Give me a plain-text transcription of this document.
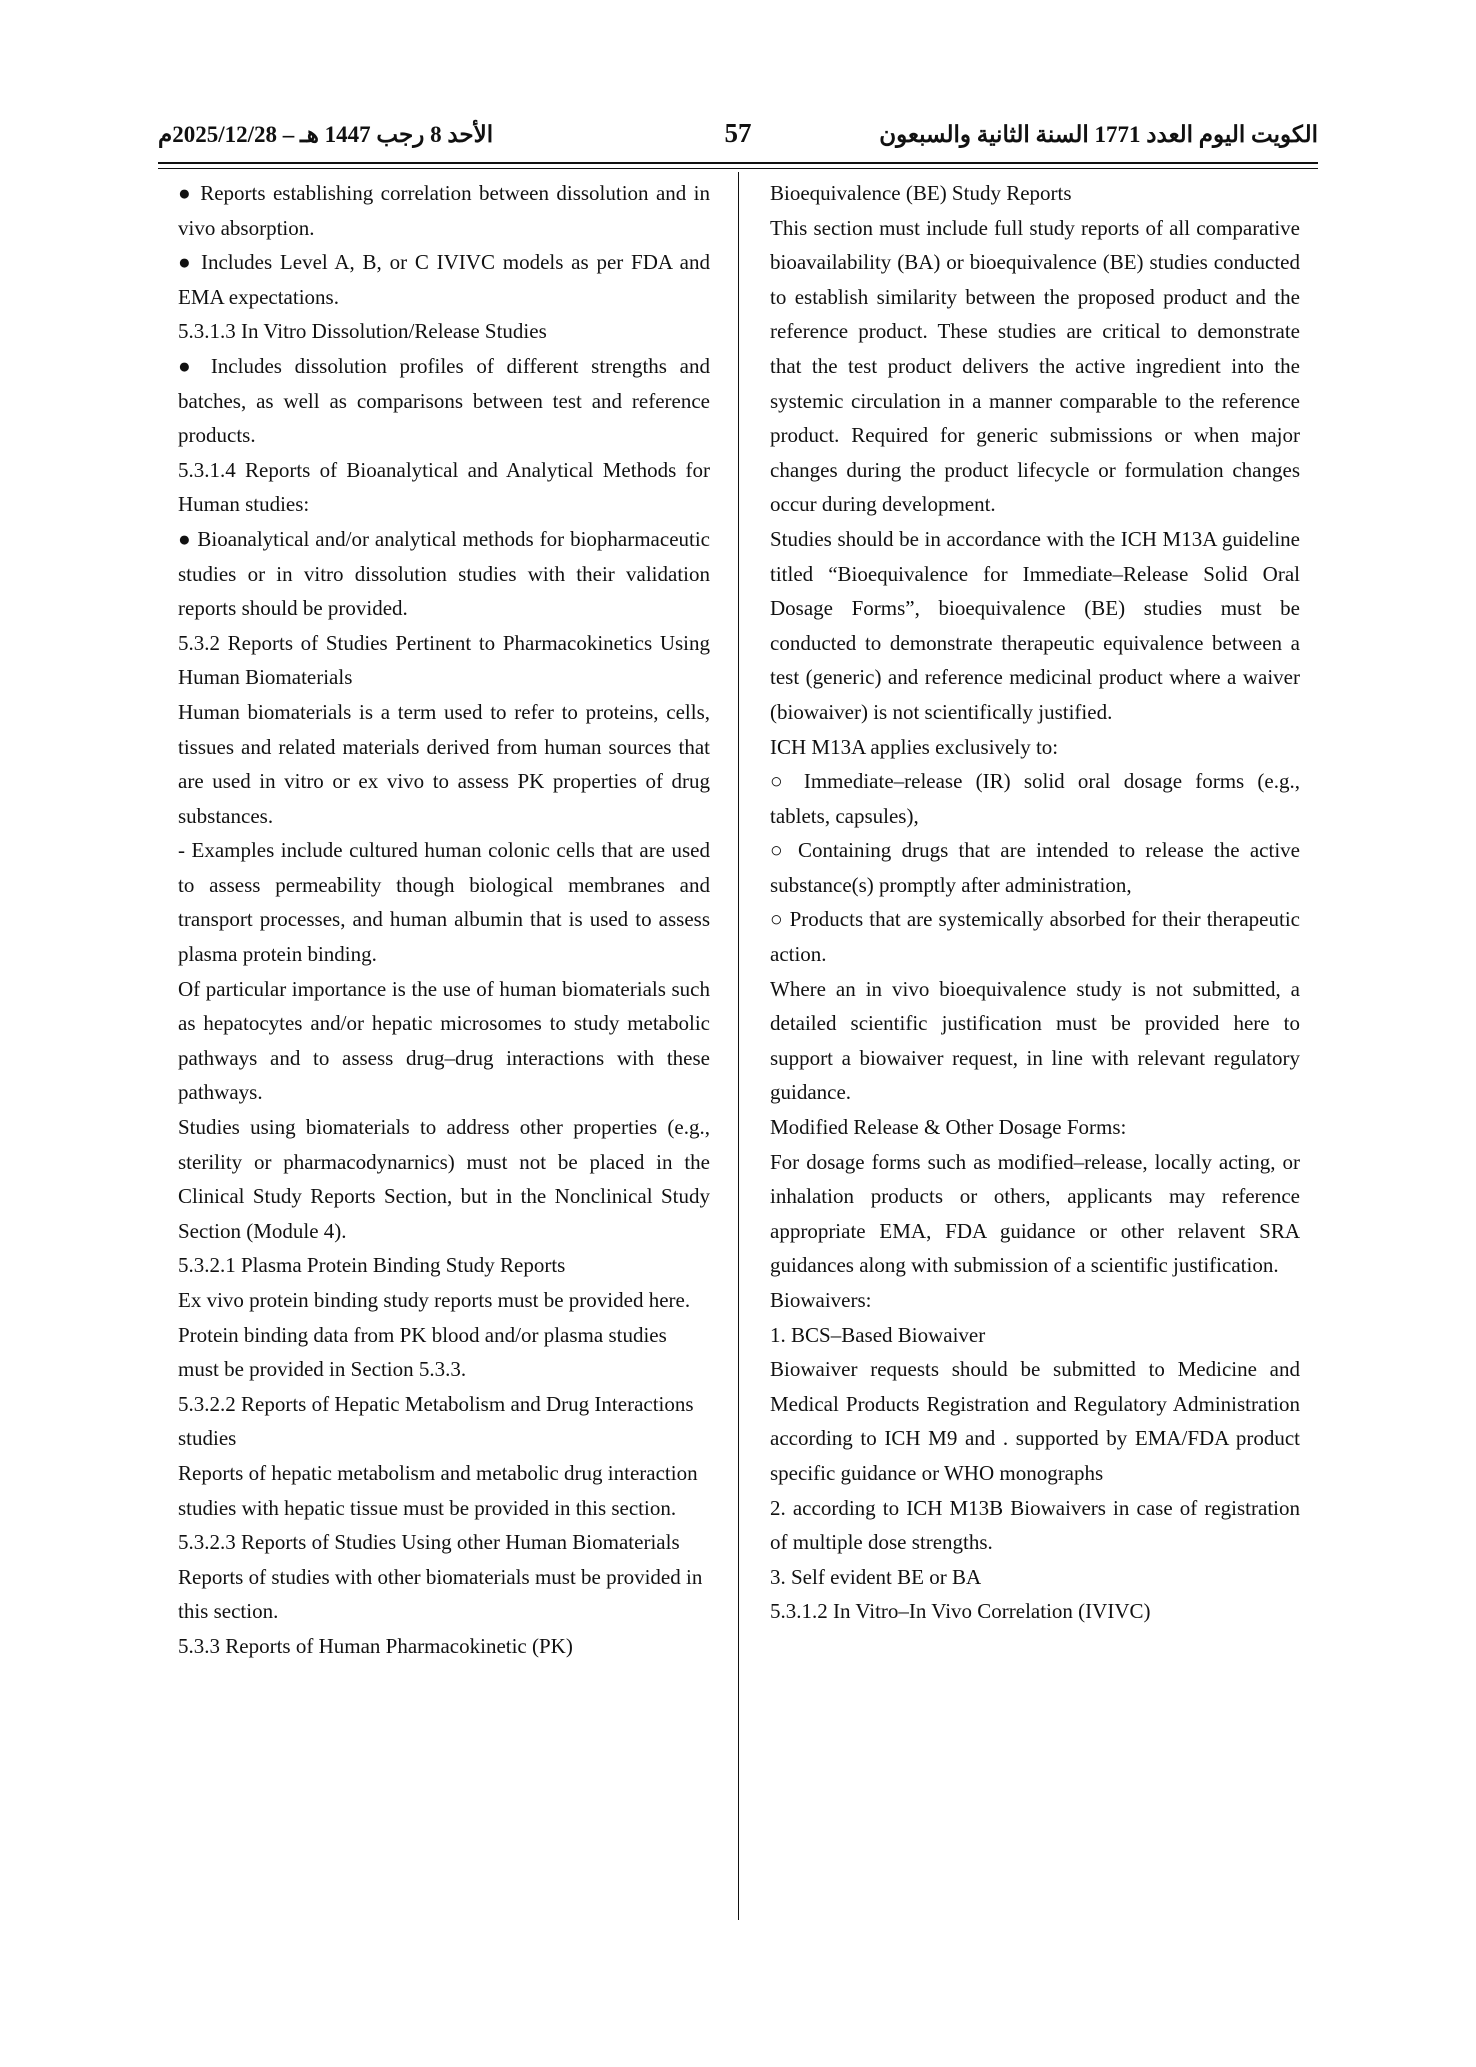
الكويت اليوم العدد 1771 السنة الثانية والسبعون
57
الأحد 8 رجب 1447 هـ – 2025/12/28م

● Reports establishing correlation between dissolution and in vivo absorption.

● Includes Level A, B, or C IVIVC models as per FDA and EMA expectations.

5.3.1.3 In Vitro Dissolution/Release Studies

● Includes dissolution profiles of different strengths and batches, as well as comparisons between test and reference products.

5.3.1.4 Reports of Bioanalytical and Analytical Methods for Human studies:

● Bioanalytical and/or analytical methods for biopharmaceutic studies or in vitro dissolution studies with their validation reports should be provided.

5.3.2 Reports of Studies Pertinent to Pharmacokinetics Using Human Biomaterials

Human biomaterials is a term used to refer to proteins, cells, tissues and related materials derived from human sources that are used in vitro or ex vivo to assess PK properties of drug substances.

- Examples include cultured human colonic cells that are used to assess permeability though biological membranes and transport processes, and human albumin that is used to assess plasma protein binding.

Of particular importance is the use of human biomaterials such as hepatocytes and/or hepatic microsomes to study metabolic pathways and to assess drug–drug interactions with these pathways.

Studies using biomaterials to address other properties (e.g., sterility or pharmacodynarnics) must not be placed in the Clinical Study Reports Section, but in the Nonclinical Study Section (Module 4).

5.3.2.1 Plasma Protein Binding Study Reports

Ex vivo protein binding study reports must be provided here. Protein binding data from PK blood and/or plasma studies must be provided in Section 5.3.3.

5.3.2.2 Reports of Hepatic Metabolism and Drug Interactions studies

Reports of hepatic metabolism and metabolic drug interaction studies with hepatic tissue must be provided in this section.

5.3.2.3 Reports of Studies Using other Human Biomaterials

Reports of studies with other biomaterials must be provided in this section.

5.3.3 Reports of Human Pharmacokinetic (PK)

Bioequivalence (BE) Study Reports

This section must include full study reports of all comparative bioavailability (BA) or bioequivalence (BE) studies conducted to establish similarity between the proposed product and the reference product. These studies are critical to demonstrate that the test product delivers the active ingredient into the systemic circulation in a manner comparable to the reference product. Required for generic submissions or when major changes during the product lifecycle or formulation changes occur during development.

Studies should be in accordance with the ICH M13A guideline titled “Bioequivalence for Immediate–Release Solid Oral Dosage Forms”, bioequivalence (BE) studies must be conducted to demonstrate therapeutic equivalence between a test (generic) and reference medicinal product where a waiver (biowaiver) is not scientifically justified.

ICH M13A applies exclusively to:

○ Immediate–release (IR) solid oral dosage forms (e.g., tablets, capsules),

○ Containing drugs that are intended to release the active substance(s) promptly after administration,

○ Products that are systemically absorbed for their therapeutic action.

Where an in vivo bioequivalence study is not submitted, a detailed scientific justification must be provided here to support a biowaiver request, in line with relevant regulatory guidance.

Modified Release & Other Dosage Forms:

For dosage forms such as modified–release, locally acting, or inhalation products or others, applicants may reference appropriate EMA, FDA guidance or other relavent SRA guidances along with submission of a scientific justification.

Biowaivers:

1. BCS–Based Biowaiver

Biowaiver requests should be submitted to Medicine and Medical Products Registration and Regulatory Administration according to ICH M9 and . supported by EMA/FDA product specific guidance or WHO monographs

2. according to ICH M13B Biowaivers in case of registration of multiple dose strengths.

3. Self evident BE or BA

5.3.1.2 In Vitro–In Vivo Correlation (IVIVC)
